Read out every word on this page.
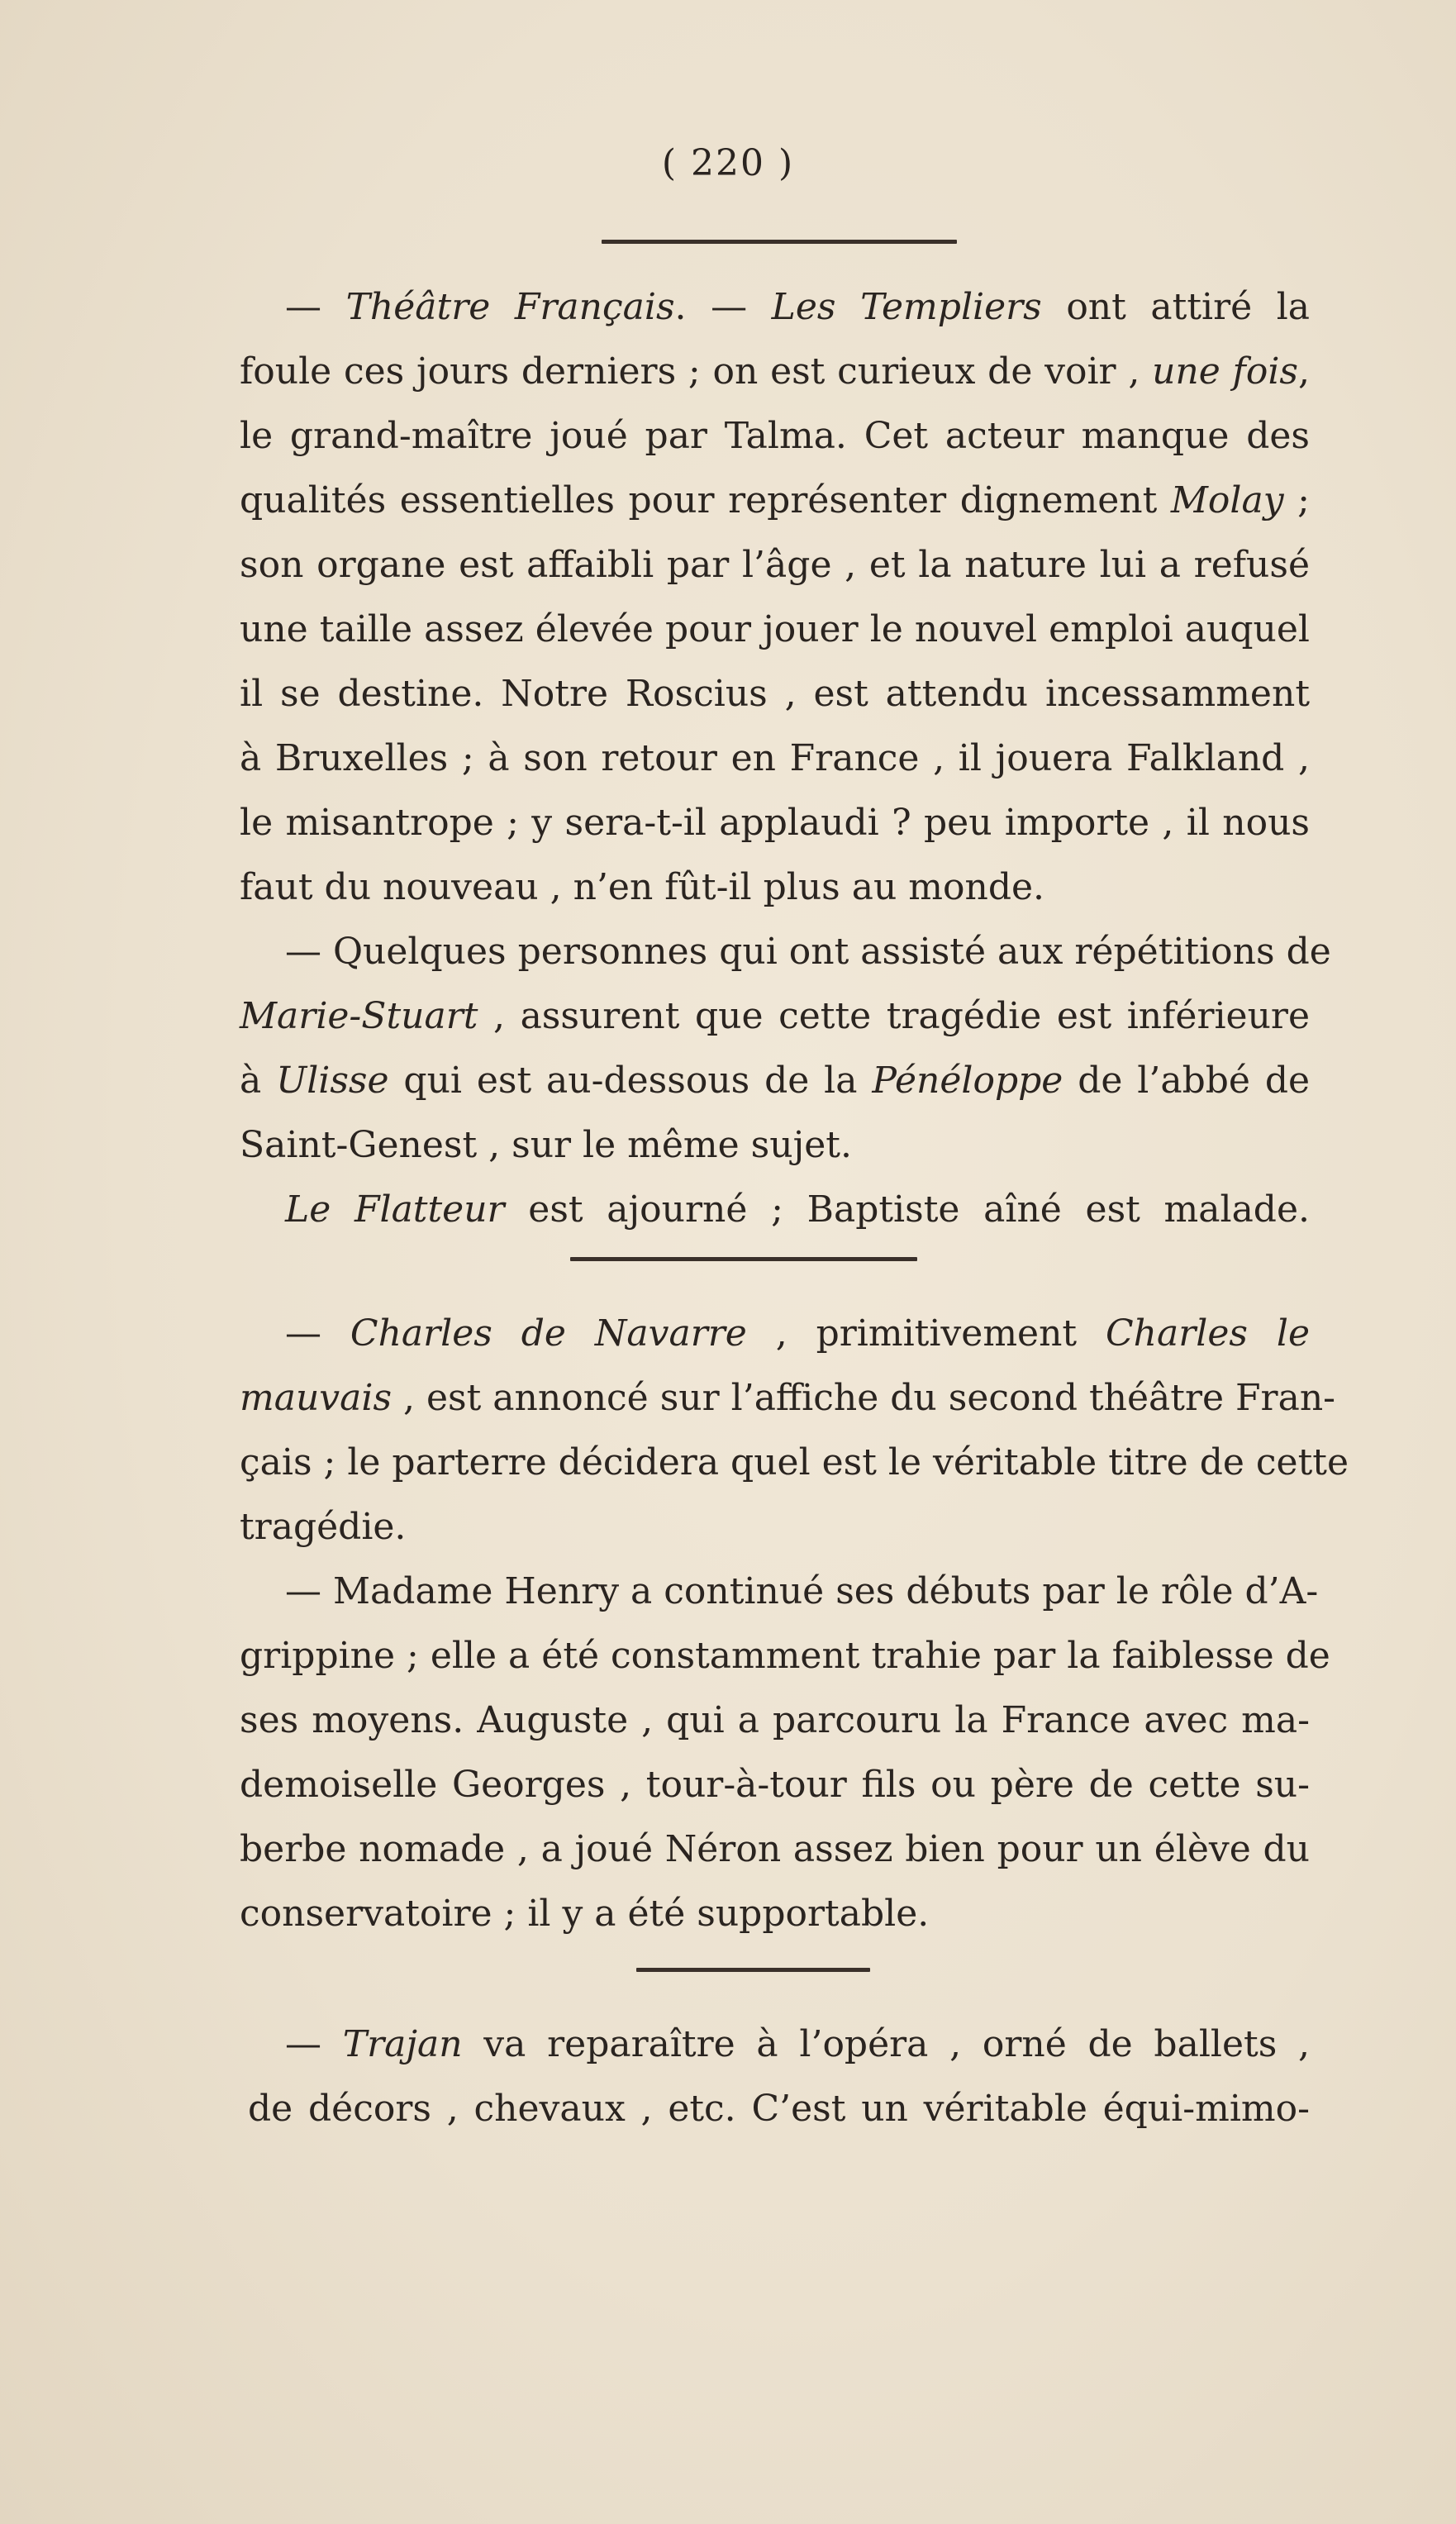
( 220 )
— Théâtre Français. — Les Templiers ont attiré la
foule ces jours derniers ; on est curieux de voir , une fois,
le grand-maître joué par Talma. Cet acteur manque des
qualités essentielles pour représenter dignement Molay ;
son organe est affaibli par l’âge , et la nature lui a refusé
une taille assez élevée pour jouer le nouvel emploi auquel
il se destine. Notre Roscius , est attendu incessamment
à Bruxelles ; à son retour en France , il jouera Falkland ,
le misantrope ; y sera-t-il applaudi ? peu importe , il nous
faut du nouveau , n’en fût-il plus au monde.
— Quelques personnes qui ont assisté aux répétitions de
Marie-Stuart , assurent que cette tragédie est inférieure
à Ulisse qui est au-dessous de la Pénéloppe de l’abbé de
Saint-Genest , sur le même sujet.
Le Flatteur est ajourné ; Baptiste aîné est malade.
— Charles de Navarre , primitivement Charles le
mauvais , est annoncé sur l’affiche du second théâtre Fran-
çais ; le parterre décidera quel est le véritable titre de cette
tragédie.
— Madame Henry a continué ses débuts par le rôle d’A-
grippine ; elle a été constamment trahie par la faiblesse de
ses moyens. Auguste , qui a parcouru la France avec ma-
demoiselle Georges , tour-à-tour fils ou père de cette su-
berbe nomade , a joué Néron assez bien pour un élève du
conservatoire ; il y a été supportable.
— Trajan va reparaître à l’opéra , orné de ballets ,
de décors , chevaux , etc. C’est un véritable équi-mimo-
